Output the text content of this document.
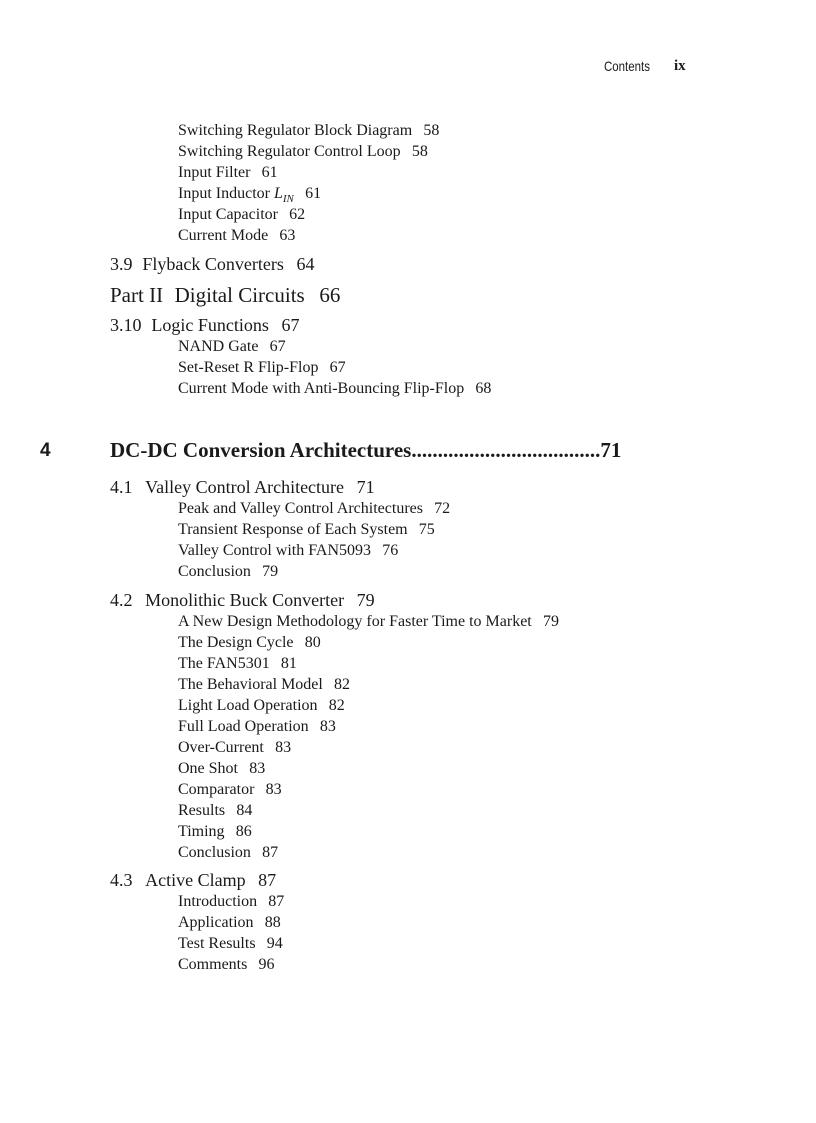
Contents ix
Switching Regulator Block Diagram 58
Switching Regulator Control Loop 58
Input Filter 61
Input Inductor $L_{IN}$ 61
Input Capacitor 62
Current Mode 63
3.9 Flyback Converters 64
Part II Digital Circuits 66
3.10 Logic Functions 67
NAND Gate 67
Set-Reset R Flip-Flop 67
Current Mode with Anti-Bouncing Flip-Flop 68
4	DC-DC Conversion Architectures....................................71
4.1 Valley Control Architecture 71
Peak and Valley Control Architectures 72
Transient Response of Each System 75
Valley Control with FAN5093 76
Conclusion 79
4.2 Monolithic Buck Converter 79
A New Design Methodology for Faster Time to Market 79
The Design Cycle 80
The FAN5301 81
The Behavioral Model 82
Light Load Operation 82
Full Load Operation 83
Over-Current 83
One Shot 83
Comparator 83
Results 84
Timing 86
Conclusion 87
4.3 Active Clamp 87
Introduction 87
Application 88
Test Results 94
Comments 96
